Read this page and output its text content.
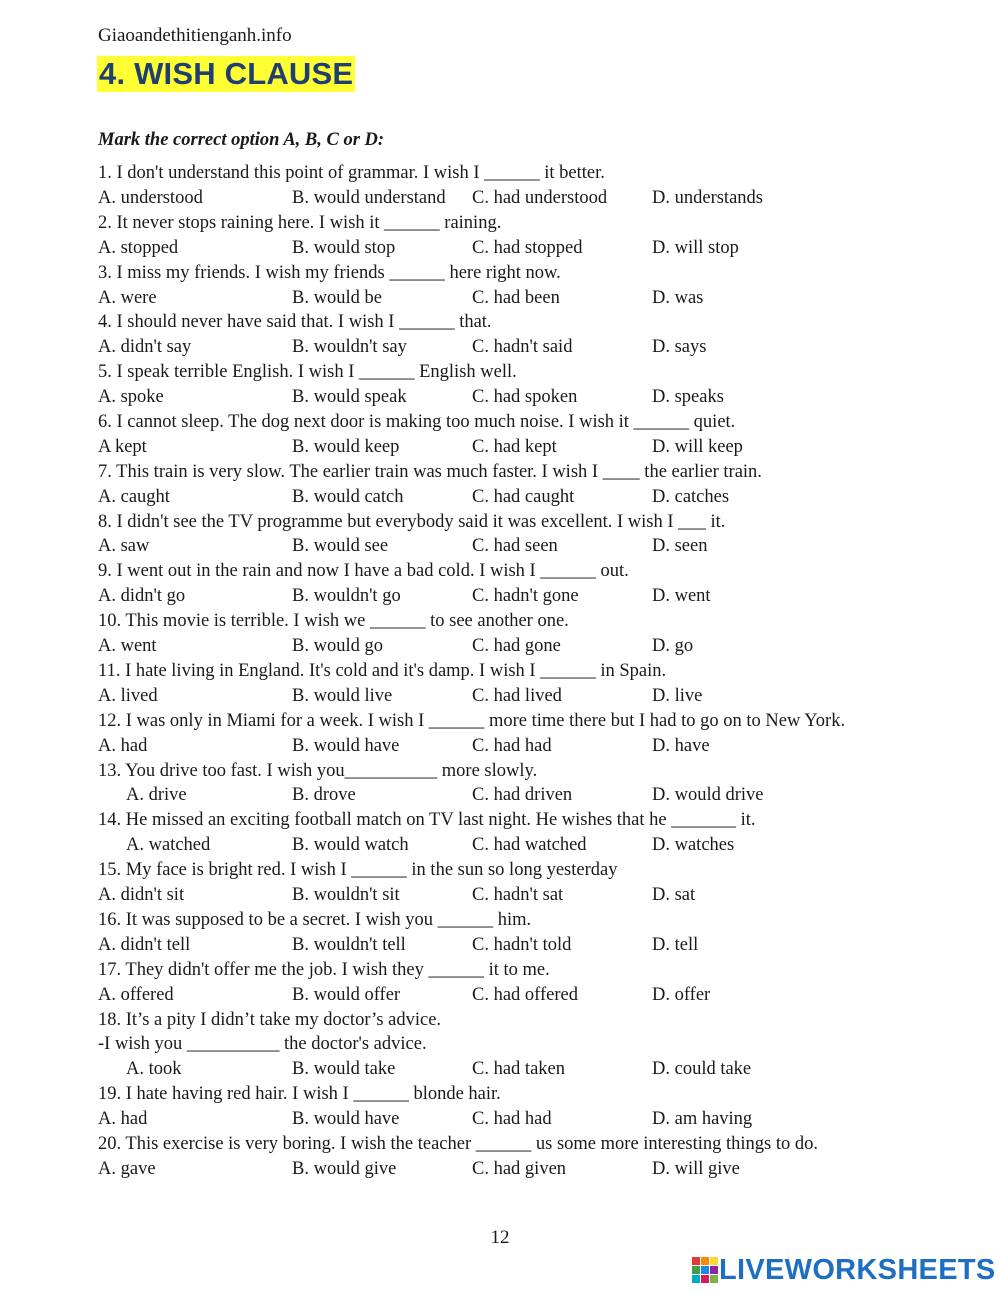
Giaoandethitienganh.info
4. WISH CLAUSE
Mark the correct option A, B, C or D:
1. I don't understand this point of grammar. I wish I ______ it better.
A. understood	B. would understand C. had understood D. understands
2. It never stops raining here. I wish it ______ raining.
A. stopped	B. would stop	C. had stopped	D. will stop
3. I miss my friends. I wish my friends ______ here right now.
A. were	B. would be	C. had been	D. was
4. I should never have said that. I wish I ______ that.
A. didn't say	B. wouldn't say	C. hadn't said	D. says
5. I speak terrible English. I wish I ______ English well.
A. spoke	B. would speak	C. had spoken	D. speaks
6. I cannot sleep. The dog next door is making too much noise. I wish it ______ quiet.
A kept	B. would keep	C. had kept	D. will keep
7. This train is very slow. The earlier train was much faster. I wish I ____ the earlier train.
A. caught	B. would catch	C. had caught	D. catches
8. I didn't see the TV programme but everybody said it was excellent. I wish I ___ it.
A. saw	B. would see	C. had seen	D. seen
9. I went out in the rain and now I have a bad cold. I wish I ______ out.
A. didn't go	B. wouldn't go	C. hadn't gone	D. went
10. This movie is terrible. I wish we ______ to see another one.
A. went	B. would go	C. had gone	D. go
11. I hate living in England. It's cold and it's damp. I wish I ______ in Spain.
A. lived	B. would live	C. had lived	D. live
12. I was only in Miami for a week. I wish I ______ more time there but I had to go on to New York.
A. had	B. would have	C. had had	D. have
13. You drive too fast. I wish you__________ more slowly.
A. drive	B. drove	C. had driven	D. would drive
14. He missed an exciting football match on TV last night. He wishes that he _______ it.
A. watched	B. would watch	C. had watched	D. watches
15. My face is bright red. I wish I ______ in the sun so long yesterday
A. didn't sit	B. wouldn't sit	C. hadn't sat	D. sat
16. It was supposed to be a secret. I wish you ______ him.
A. didn't tell	B. wouldn't tell	C. hadn't told	D. tell
17. They didn't offer me the job. I wish they ______ it to me.
A. offered	B. would offer	C. had offered	D. offer
18. It’s a pity I didn’t take my doctor’s advice.
-I wish you __________ the doctor's advice.
A. took	B. would take	C. had taken	D. could take
19. I hate having red hair. I wish I ______ blonde hair.
A. had	B. would have	C. had had	D. am having
20. This exercise is very boring. I wish the teacher ______ us some more interesting things to do.
A. gave	B. would give	C. had given	D. will give
12
LIVEWORKSHEETS
